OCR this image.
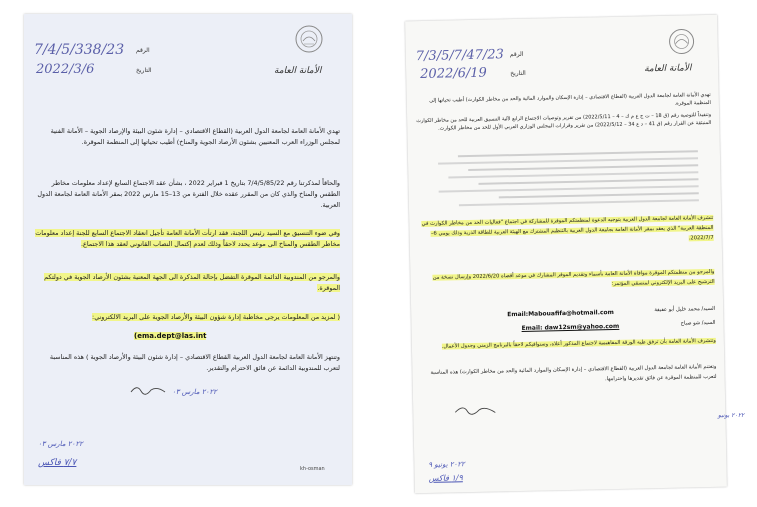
7/4/5/338/23 الرقم
2022/3/6	التاريخ	الأمانة العامة

تهدي الأمانة العامة لجامعة الدول العربية (القطاع الاقتصادي – إدارة شئون البيئة والإرصاد الجوية – الأمانة الفنية لمجلس الوزراء العرب المعنيين بشئون الأرصاد الجوية والمناخ) أطيب تحياتها إلى المنظمة الموقرة.

والحاقاً لمذكرتنا رقم 7/4/5/85/22 بتاريخ 1 فبراير 2022 ، بشأن عقد الاجتماع السابع لإعداد معلومات مخاطر الطقس والمناخ والذي كان من المقرر عقده خلال الفترة من 13–15 مارس 2022 بمقر الأمانة العامة لجامعة الدول العربية.

وفي ضوء التنسيق مع السيد رئيس اللجنة، فقد ارتأت الأمانة العامة تأجيل انعقاد الاجتماع السابع للجنة إعداد معلومات مخاطر الطقس والمناخ الى موعد يحدد لاحقاً وذلك لعدم إكتمال النصاب القانوني لعقد هذا الاجتماع.

والمرجو من المندوبية الدائمة الموقرة التفضل بإحالة المذكرة الى الجهة المعنية بشئون الأرصاد الجوية في دولتكم الموقرة.

( لمزيد من المعلومات يرجى مخاطبة إدارة شؤون البيئة والأرصاد الجوية على البريد الالكتروني:

(ema.dept@las.int

وتنتهز الأمانة العامة لجامعة الدول العربية القطاع الاقتصادي – إدارة شئون البيئة والأرصاد الجوية ) هذه المناسبة لتعرب للمندوبية الدائمة عن فائق الاحترام والتقدير.

٢٠٢٢ مارس ٠٣
٢٠٢٢ مارس ٠٣
٧/٧ فاكس
kh-osman
7/3/5/7/47/23 الرقم
2022/6/19	التاريخ	الأمانة العامة

تهدي الأمانة العامة لجامعة الدول العربية (القطاع الاقتصادي – إدارة الإسكان والموارد المائية والحد من مخاطر الكوارث) أطيب تحياتها إلى المنظمة الموقرة.

وتنفيذاً للتوصية رقم (ق 18 – ت ج ع م ك – 4 – 2022/5/11) من تقرير وتوصيات الاجتماع الرابع لآلية التنسيق العربية للحد من مخاطر الكوارث المنبثقة عن القرار رقم (ق 41 – د ع 34 – 2022/5/12) من تقرير وقرارات المجلس الوزاري العربي الأول للحد من مخاطر الكوارث.

تتشرف الأمانة العامة لجامعة الدول العربية بتوجيه الدعوة لمنظمتكم الموقرة للمشاركة في اجتماع "فعاليات الحد من مخاطر الكوارث في المنطقة العربية" الذي يعقد بمقر الأمانة العامة بجامعة الدول العربية بالتنظيم المشترك مع الهيئة العربية للطاقة الذرية وذلك يومي 6–2022/7/7.

والمرجو من منظمتكم الموقرة موافاة الأمانة العامة بأسماء وتقديم الموقر المشارك في موعد أقصاه 2022/6/20 وإرسال نسخة من الترشيح على البريد الإلكتروني لمنسقي المؤتمر:

السيد/ محمد خليل أبو عفيفة

Email:Mabouafifa@hotmail.com

السيد/ شو صباح

Email: daw12sm@yahoo.com

وتتشرف الأمانة العامة بأن ترفق طيه الورقة المفاهيمية لاجتماع المذكور أعلاه، وسنوافيكم لاحقاً بالبرنامج الزمني وجدول الأعمال.

وتغتنم الأمانة العامة لجامعة الدول العربية (القطاع الاقتصادي – إدارة الإسكان والموارد المائية والحد من مخاطر الكوارث) هذه المناسبة لتعرب للمنظمة الموقرة عن فائق تقديرها واحترامها.

٢٠٢٢ يونيو ٩
١/٩ فاكس
٢٠٢٢ يونيو
